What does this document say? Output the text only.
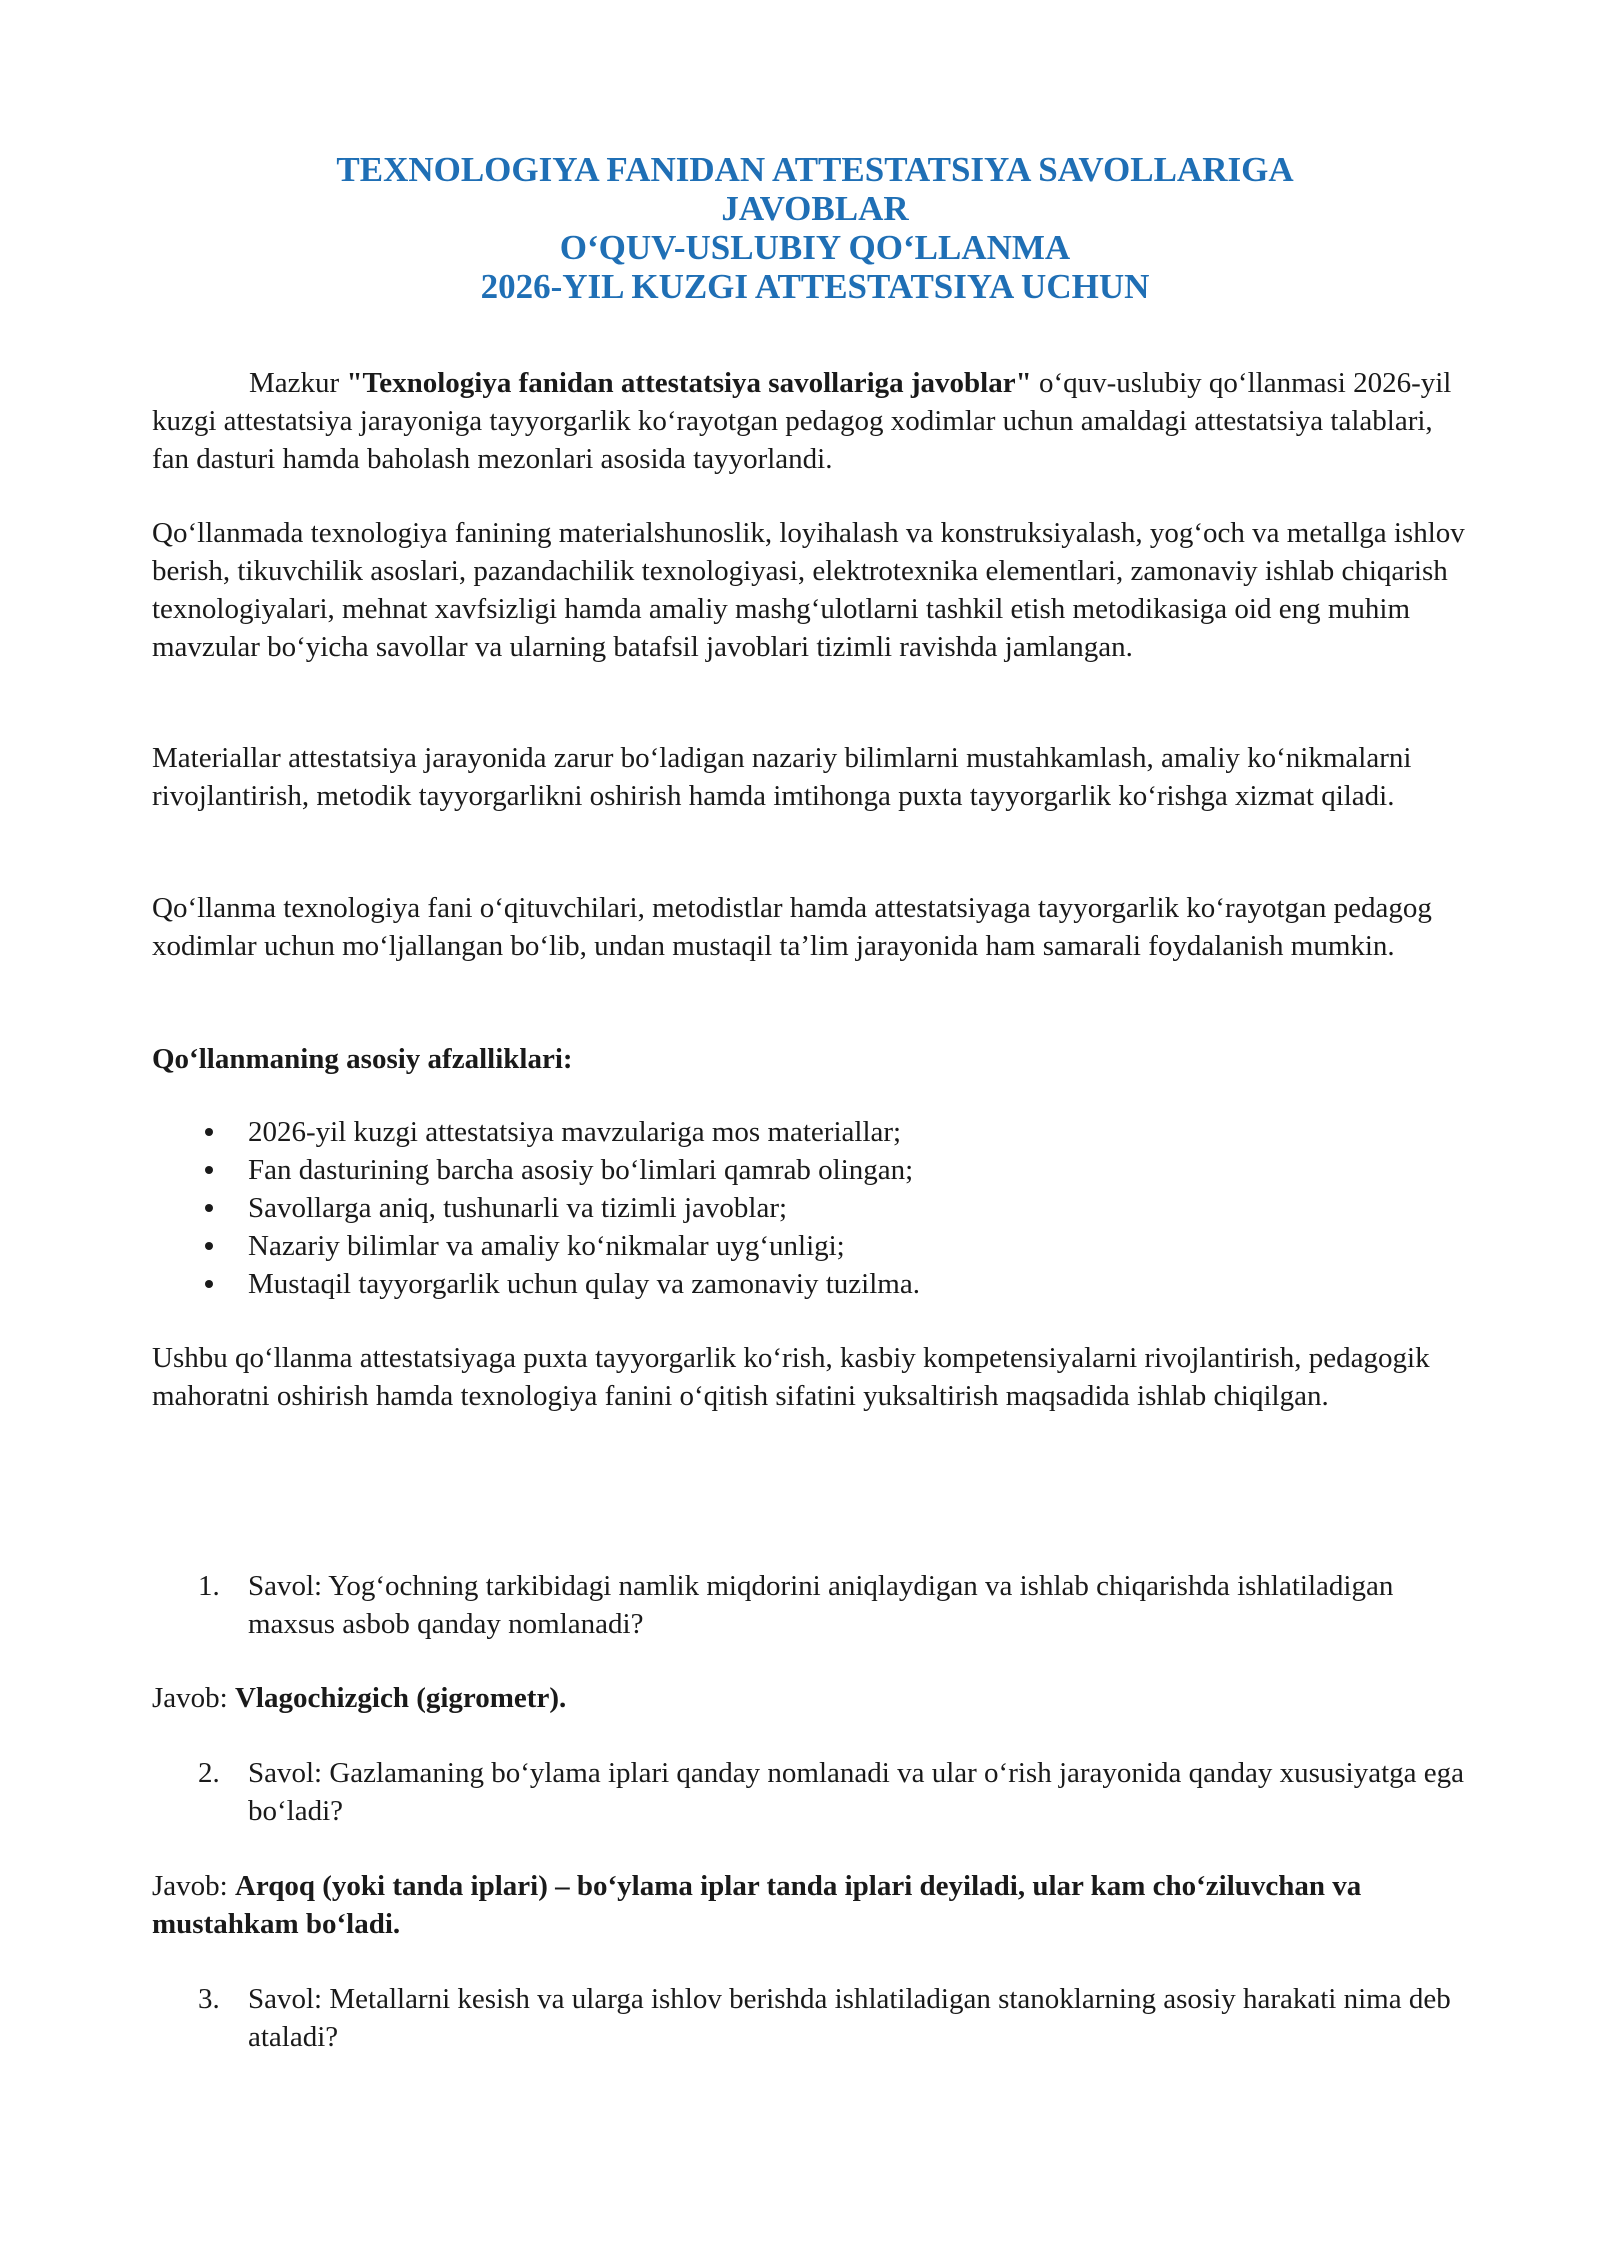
TEXNOLOGIYA FANIDAN ATTESTATSIYA SAVOLLARIGA
JAVOBLAR
O‘QUV-USLUBIY QO‘LLANMA
2026-YIL KUZGI ATTESTATSIYA UCHUN

Mazkur "Texnologiya fanidan attestatsiya savollariga javoblar" o‘quv-uslubiy qo‘llanmasi 2026-yil kuzgi attestatsiya jarayoniga tayyorgarlik ko‘rayotgan pedagog xodimlar uchun amaldagi attestatsiya talablari, fan dasturi hamda baholash mezonlari asosida tayyorlandi.

Qo‘llanmada texnologiya fanining materialshunoslik, loyihalash va konstruksiyalash, yog‘och va metallga ishlov berish, tikuvchilik asoslari, pazandachilik texnologiyasi, elektrotexnika elementlari, zamonaviy ishlab chiqarish texnologiyalari, mehnat xavfsizligi hamda amaliy mashg‘ulotlarni tashkil etish metodikasiga oid eng muhim mavzular bo‘yicha savollar va ularning batafsil javoblari tizimli ravishda jamlangan.

Materiallar attestatsiya jarayonida zarur bo‘ladigan nazariy bilimlarni mustahkamlash, amaliy ko‘nikmalarni rivojlantirish, metodik tayyorgarlikni oshirish hamda imtihonga puxta tayyorgarlik ko‘rishga xizmat qiladi.

Qo‘llanma texnologiya fani o‘qituvchilari, metodistlar hamda attestatsiyaga tayyorgarlik ko‘rayotgan pedagog xodimlar uchun mo‘ljallangan bo‘lib, undan mustaqil ta’lim jarayonida ham samarali foydalanish mumkin.

Qo‘llanmaning asosiy afzalliklari:

2026-yil kuzgi attestatsiya mavzulariga mos materiallar;
Fan dasturining barcha asosiy bo‘limlari qamrab olingan;
Savollarga aniq, tushunarli va tizimli javoblar;
Nazariy bilimlar va amaliy ko‘nikmalar uyg‘unligi;
Mustaqil tayyorgarlik uchun qulay va zamonaviy tuzilma.

Ushbu qo‘llanma attestatsiyaga puxta tayyorgarlik ko‘rish, kasbiy kompetensiyalarni rivojlantirish, pedagogik mahoratni oshirish hamda texnologiya fanini o‘qitish sifatini yuksaltirish maqsadida ishlab chiqilgan.

1. Savol: Yog‘ochning tarkibidagi namlik miqdorini aniqlaydigan va ishlab chiqarishda ishlatiladigan maxsus asbob qanday nomlanadi?

Javob: Vlagochizgich (gigrometr).

2. Savol: Gazlamaning bo‘ylama iplari qanday nomlanadi va ular o‘rish jarayonida qanday xususiyatga ega bo‘ladi?

Javob: Arqoq (yoki tanda iplari) – bo‘ylama iplar tanda iplari deyiladi, ular kam cho‘ziluvchan va mustahkam bo‘ladi.

3. Savol: Metallarni kesish va ularga ishlov berishda ishlatiladigan stanoklarning asosiy harakati nima deb ataladi?
